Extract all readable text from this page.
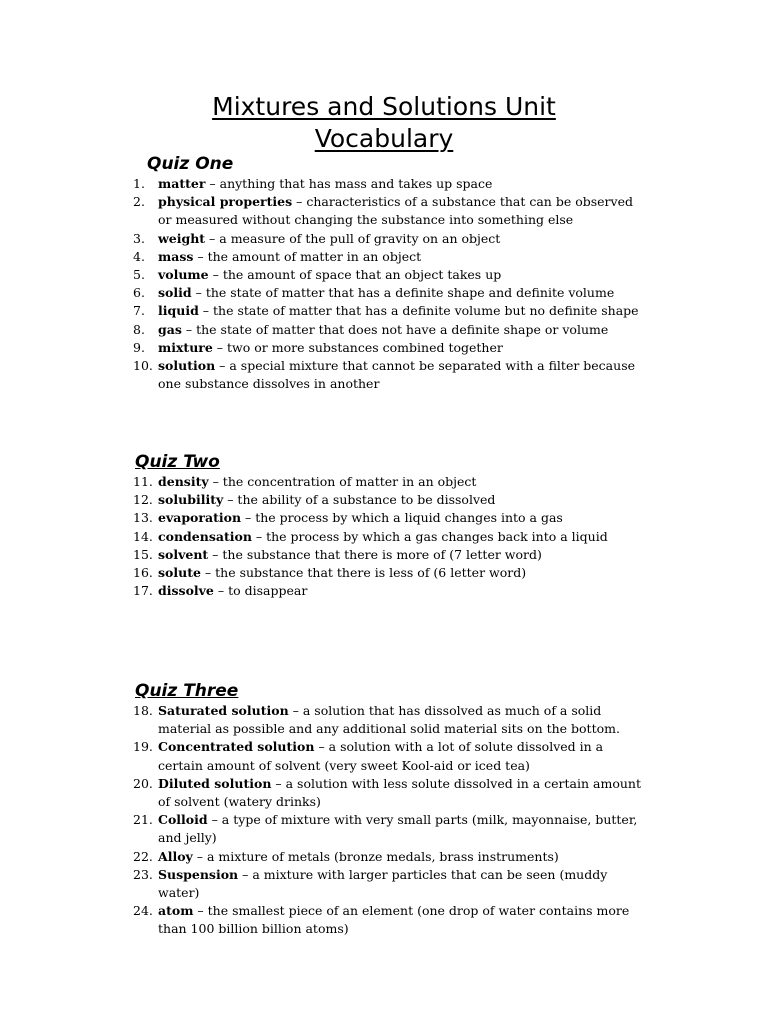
Mixtures and Solutions Unit
Vocabulary
Quiz One
1.	matter – anything that has mass and takes up space
2.	physical properties – characteristics of a substance that can be observed or measured without changing the substance into something else
3.	weight – a measure of the pull of gravity on an object
4.	mass – the amount of matter in an object
5.	volume – the amount of space that an object takes up
6.	solid – the state of matter that has a definite shape and definite volume
7.	liquid – the state of matter that has a definite volume but no definite shape
8.	gas – the state of matter that does not have a definite shape or volume
9.	mixture – two or more substances combined together
10. solution – a special mixture that cannot be separated with a filter because one substance dissolves in another
Quiz Two
11. density – the concentration of matter in an object
12. solubility – the ability of a substance to be dissolved
13. evaporation – the process by which a liquid changes into a gas
14. condensation – the process by which a gas changes back into a liquid
15. solvent – the substance that there is more of (7 letter word)
16. solute – the substance that there is less of (6 letter word)
17. dissolve – to disappear
Quiz Three
18. Saturated solution – a solution that has dissolved as much of a solid material as possible and any additional solid material sits on the bottom.
19. Concentrated solution – a solution with a lot of solute dissolved in a certain amount of solvent (very sweet Kool-aid or iced tea)
20. Diluted solution – a solution with less solute dissolved in a certain amount of solvent (watery drinks)
21. Colloid – a type of mixture with very small parts (milk, mayonnaise, butter, and jelly)
22. Alloy – a mixture of metals (bronze medals, brass instruments)
23. Suspension – a mixture with larger particles that can be seen (muddy water)
24. atom – the smallest piece of an element (one drop of water contains more than 100 billion billion atoms)
